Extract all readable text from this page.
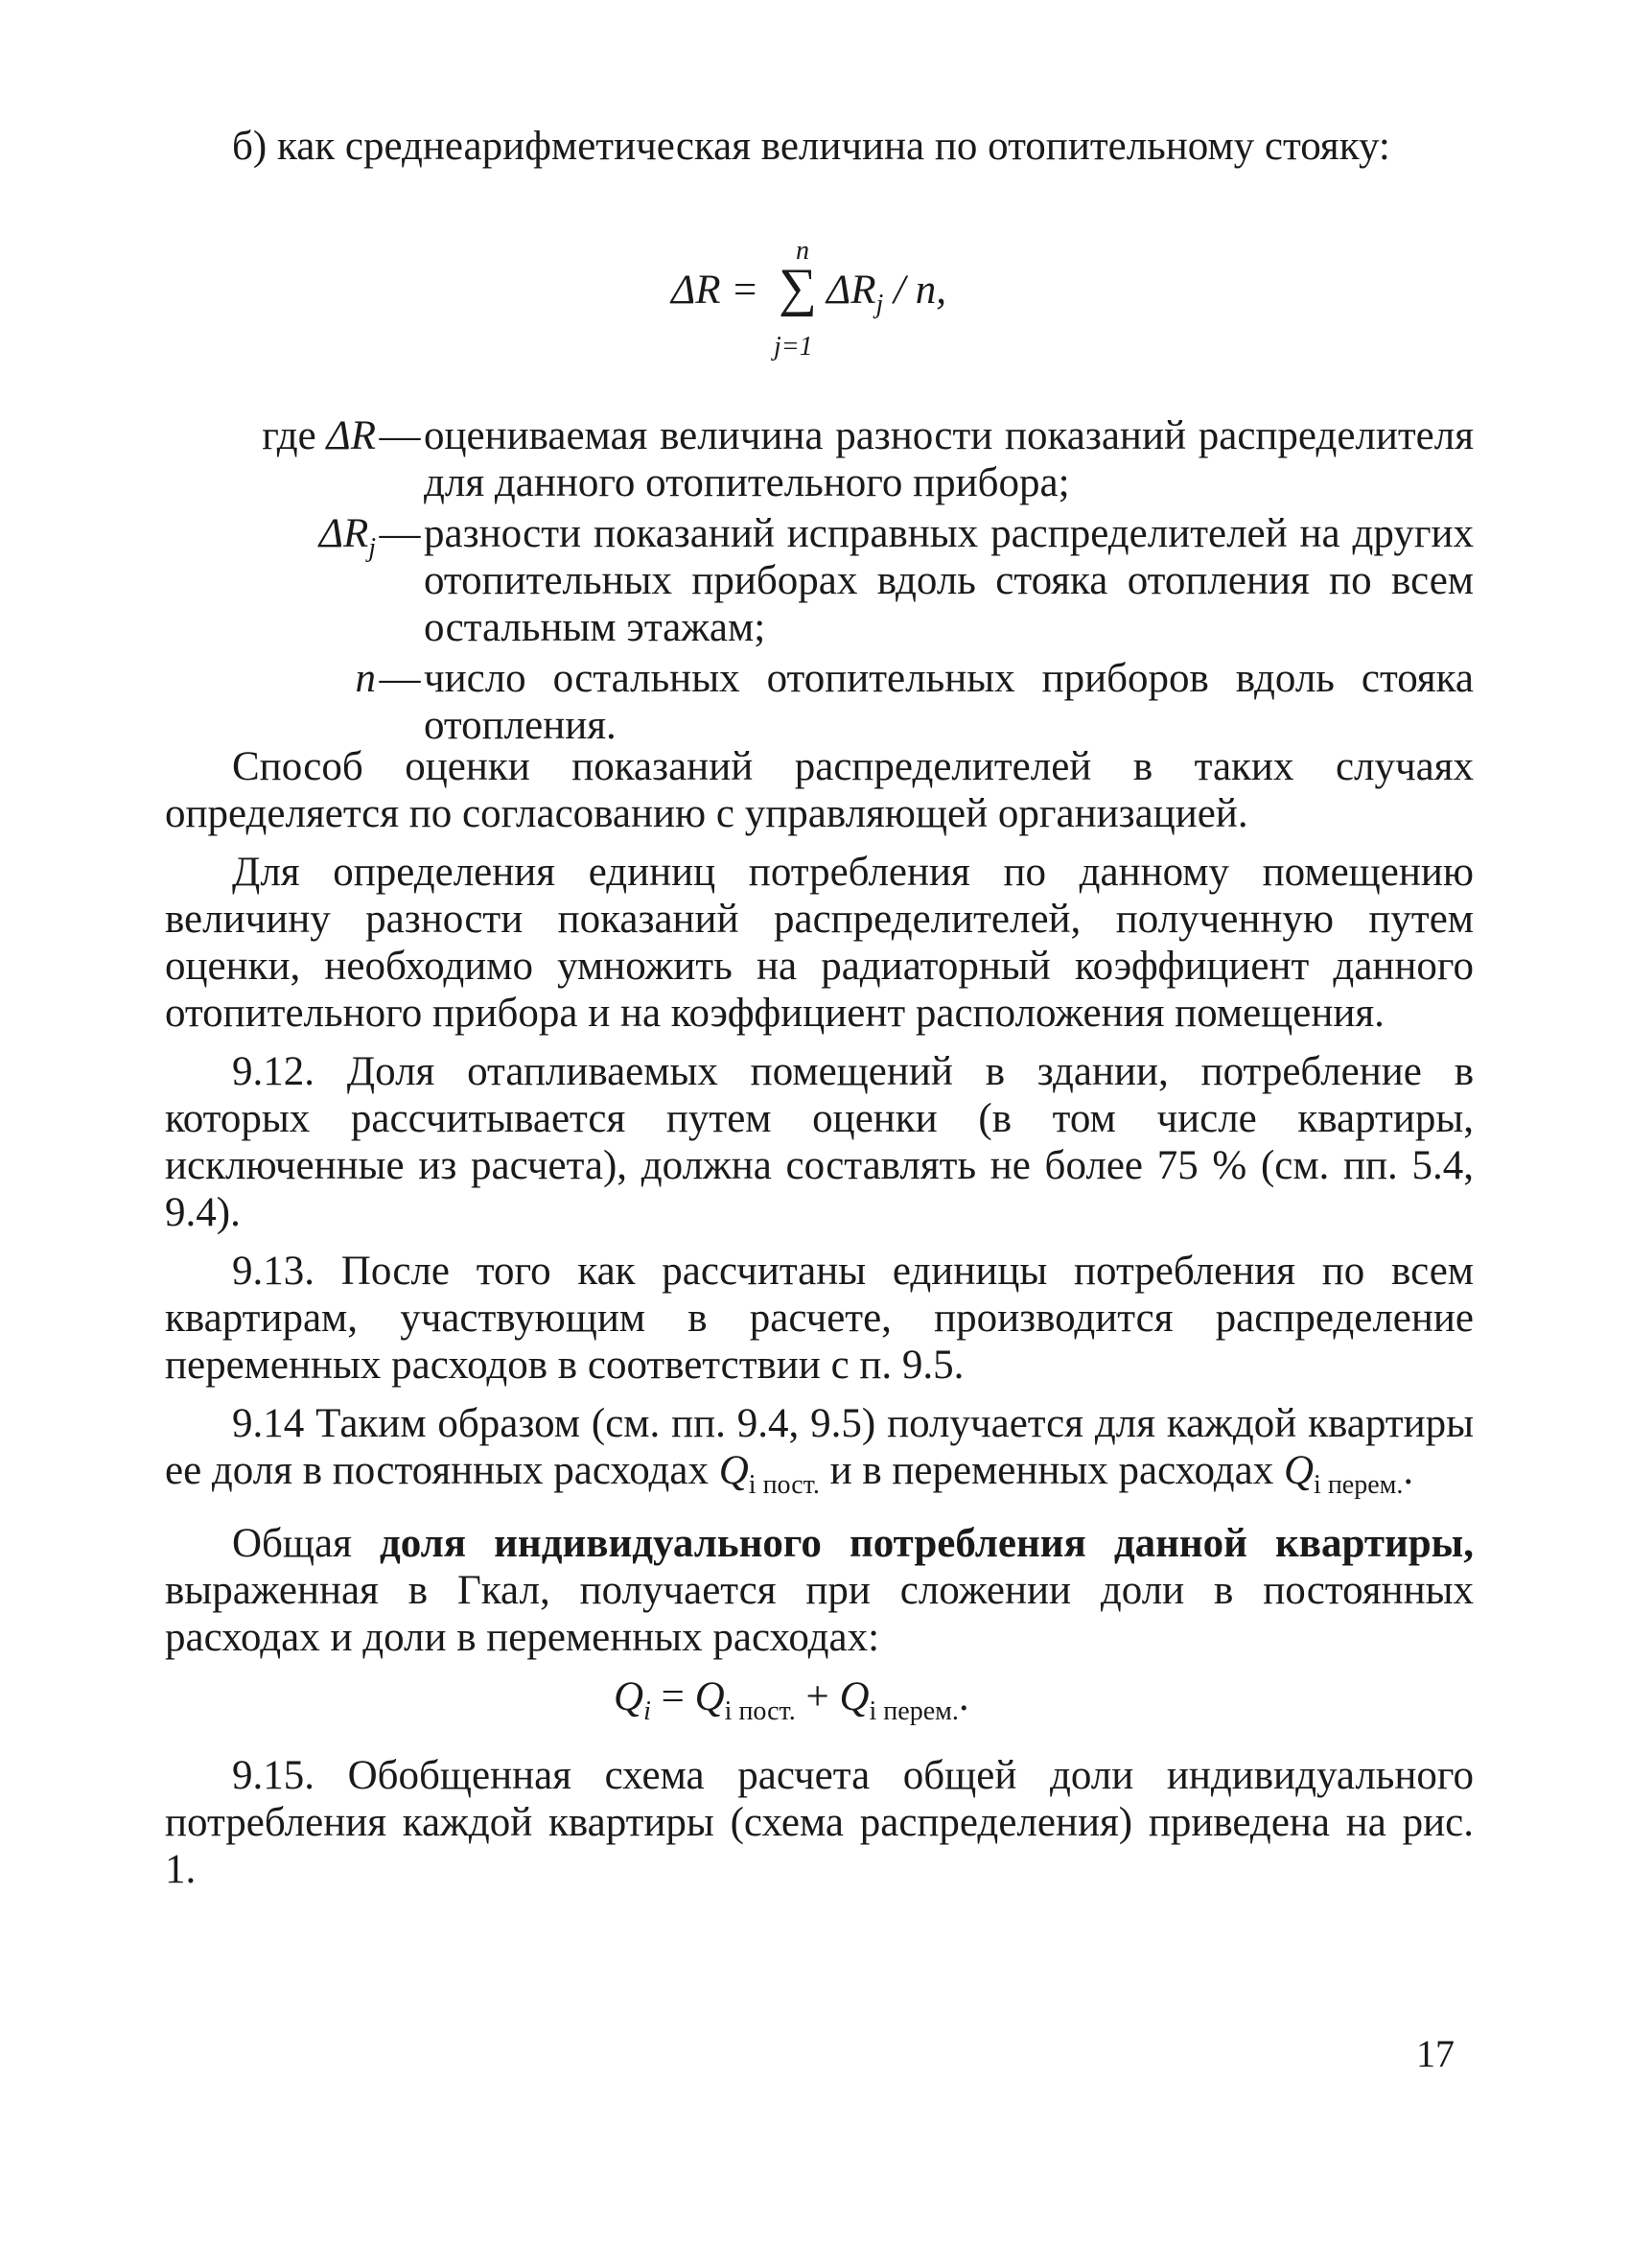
б) как среднеарифметическая величина по отопительному стояку:

ΔR =
n
∑
j=1
$\Delta R_j$ / n,
где ΔR — оцениваемая величина разности показаний распределителя для данного отопительного прибора;
$\Delta R_j$ — разности показаний исправных распределителей на других отопительных приборах вдоль стояка отопления по всем остальным этажам;
n — число остальных отопительных приборов вдоль стояка отопления.

Способ оценки показаний распределителей в таких случаях определяется по согласованию с управляющей организацией.

Для определения единиц потребления по данному помещению величину разности показаний распределителей, полученную путем оценки, необходимо умножить на радиаторный коэффициент данного отопительного прибора и на коэффициент расположения помещения.

9.12. Доля отапливаемых помещений в здании, потребление в которых рассчитывается путем оценки (в том числе квартиры, исключенные из расчета), должна составлять не более 75 % (см. пп. 5.4, 9.4).

9.13. После того как рассчитаны единицы потребления по всем квартирам, участвующим в расчете, производится распределение переменных расходов в соответствии с п. 9.5.

9.14 Таким образом (см. пп. 9.4, 9.5) получается для каждой квартиры ее доля в постоянных расходах $Q_{i пост.}$ и в переменных расходах $Q_{i перем.}$.

Общая доля индивидуального потребления данной квартиры, выраженная в Гкал, получается при сложении доли в постоянных расходах и доли в переменных расходах:

$Q_i = Q_{i пост.} + Q_{i перем.}$.

9.15. Обобщенная схема расчета общей доли индивидуального потребления каждой квартиры (схема распределения) приведена на рис. 1.

17
